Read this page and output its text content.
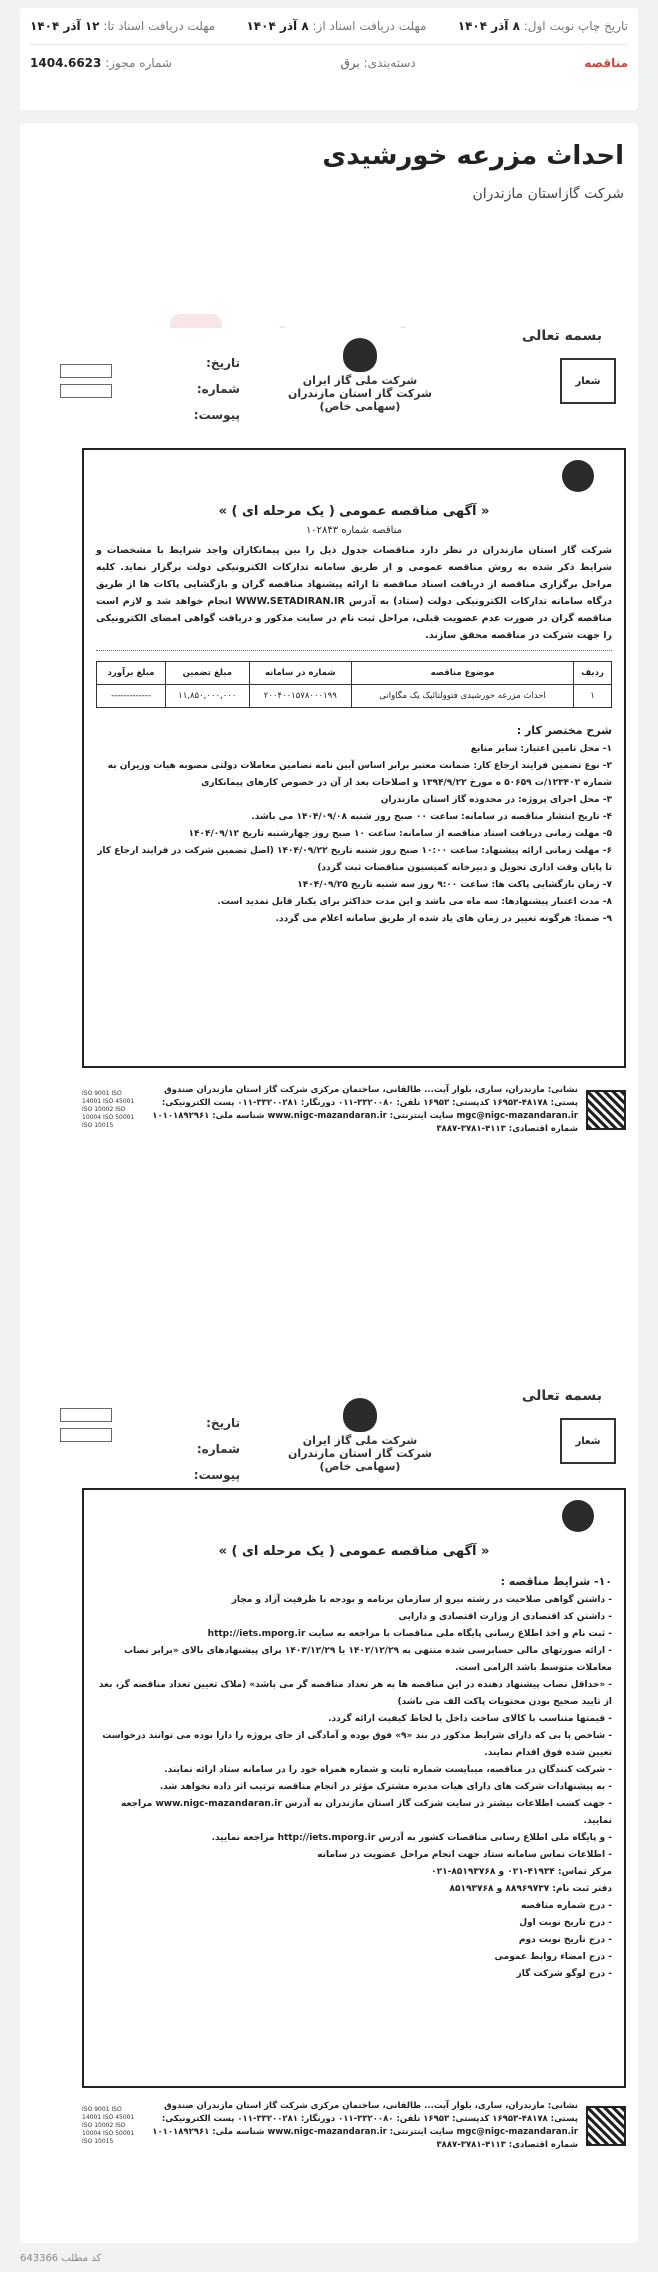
تاریخ چاپ نوبت اول: ۸ آذر ۱۴۰۴
مهلت دریافت اسناد از: ۸ آذر ۱۴۰۴
مهلت دریافت اسناد تا: ۱۲ آذر ۱۴۰۴
مناقصه
دسته‌بندی: برق
شماره مجوز: 1404.6623
احداث مزرعه خورشیدی
شرکت گازاستان مازندران
بسمه تعالی
تاریخ:
شماره:
پیوست:
شرکت ملی گاز ایران
شرکت گاز استان مازندران (سهامی خاص)
شعار
« آگهی مناقصه عمومی ( یک مرحله ای ) »
مناقصه شماره ۱۰۲۸۴۳

شرکت گاز استان مازندران در نظر دارد مناقصات جدول ذیل را بین پیمانکاران واجد شرایط با مشخصات و شرایط ذکر شده به روش مناقصه عمومی و از طریق سامانه تدارکات الکترونیکی دولت برگزار نماید. کلیه مراحل برگزاری مناقصه از دریافت اسناد مناقصه تا ارائه پیشنهاد مناقصه گران و بازگشایی پاکات ها از طریق درگاه سامانه تدارکات الکترونیکی دولت (ستاد) به آدرس WWW.SETADIRAN.IR انجام خواهد شد و لازم است مناقصه گران در صورت عدم عضویت قبلی، مراحل ثبت نام در سایت مذکور و دریافت گواهی امضای الکترونیکی را جهت شرکت در مناقصه محقق سازند.

ردیف	موضوع مناقصه	شماره در سامانه	مبلغ تضمین	مبلغ برآورد
۱	احداث مزرعه خورشیدی فتوولتائیک یک مگاواتی	۲۰۰۴۰۰۱۵۷۸۰۰۰۱۹۹	۱۱,۸۵۰,۰۰۰,۰۰۰	-------------
شرح مختصر کار :
۱- محل تامین اعتبار: سایر منابع
۲- نوع تضمین فرایند ارجاع کار: ضمانت معتبر برابر اساس آیین نامه تضامین معاملات دولتی مصوبه هیات وزیران به شماره ۱۲۳۴۰۲/ت ۵۰۶۵۹ ه مورخ ۱۳۹۴/۹/۲۲ و اصلاحات بعد از آن در خصوص کارهای پیمانکاری
۳- محل اجرای پروژه: در محدوده گاز استان مازندران
۴- تاریخ انتشار مناقصه در سامانه: ساعت ۰۰ صبح روز شنبه ۱۴۰۴/۰۹/۰۸ می باشد.
۵- مهلت زمانی دریافت اسناد مناقصه از سامانه: ساعت ۱۰ صبح روز چهارشنبه تاریخ ۱۴۰۴/۰۹/۱۲
۶- مهلت زمانی ارائه پیشنهاد: ساعت ۱۰:۰۰ صبح روز شنبه تاریخ ۱۴۰۴/۰۹/۲۲ (اصل تضمین شرکت در فرایند ارجاع کار تا پایان وقت اداری تحویل و دبیرخانه کمیسیون مناقصات ثبت گردد)
۷- زمان بازگشایی پاکت ها: ساعت ۹:۰۰ روز سه شنبه تاریخ ۱۴۰۴/۰۹/۲۵
۸- مدت اعتبار پیشنهادها: سه ماه می باشد و این مدت حداکثر برای یکبار قابل تمدید است.
۹- ضمنا: هرگونه تغییر در زمان های یاد شده از طریق سامانه اعلام می گردد.
نشانی: مازندران، ساری، بلوار آیت... طالقانی، ساختمان مرکزی شرکت گاز استان مازندران صندوق پستی: ۴۸۱۷۸-۱۶۹۵۳ کدپستی: ۱۶۹۵۳ تلفن: ۳۳۲۰۰۸۰-۰۱۱ دورنگار: ۳۳۲۰۰۲۸۱-۰۱۱ پست الکترونیکی: mgc@nigc-mazandaran.ir سایت اینترنتی: www.nigc-mazandaran.ir شناسه ملی: ۱۰۱۰۱۸۹۲۹۶۱ شماره اقتصادی: ۴۱۱۳-۳۷۸۱-۳۸۸۷
ISO 9001 ISO 14001 ISO 45001 ISO 10002 ISO 10004 ISO 50001 ISO 10015
بسمه تعالی
تاریخ:
شماره:
پیوست:
شرکت ملی گاز ایران
شرکت گاز استان مازندران (سهامی خاص)
شعار
« آگهی مناقصه عمومی ( یک مرحله ای ) »
۱۰- شرایط مناقصه :
- داشتن گواهی صلاحیت در رشته نیرو از سازمان برنامه و بودجه با ظرفیت آزاد و مجاز
- داشتن کد اقتصادی از وزارت اقتصادی و دارایی
- ثبت نام و اخذ اطلاع رسانی پایگاه ملی مناقصات با مراجعه به سایت http://iets.mporg.ir
- ارائه صورتهای مالی حسابرسی شده منتهی به ۱۴۰۲/۱۲/۲۹ یا ۱۴۰۳/۱۲/۲۹ برای پیشنهادهای بالای «برابر نصاب معاملات متوسط باشد الزامی است.
- «حداقل نصاب پیشنهاد دهنده در این مناقصه ها به هر تعداد مناقصه گر می باشد» (ملاک تعیین تعداد مناقصه گر، بعد از تایید صحیح بودن محتویات پاکت الف می باشد)
- قیمتها متناسب با کالای ساخت داخل یا لحاظ کیفیت ارائه گردد.
- شاخص با بی که دارای شرایط مذکور در بند «۹» فوق بوده و آمادگی از جای پروژه را دارا بوده می توانند درخواست تعیین شده فوق اقدام نمایند.
- شرکت کنندگان در مناقصه، میبایست شماره ثابت و شماره همراه خود را در سامانه ستاد ارائه نمایند.
- به پیشنهادات شرکت های دارای هیات مدیره مشترک مؤثر در انجام مناقصه ترتیب اثر داده نخواهد شد.
- جهت کسب اطلاعات بیشتر در سایت شرکت گاز استان مازندران به آدرس www.nigc-mazandaran.ir مراجعه نمایید.
- و پایگاه ملی اطلاع رسانی مناقصات کشور به آدرس http://iets.mporg.ir مراجعه نمایید.
- اطلاعات تماس سامانه ستاد جهت انجام مراحل عضویت در سامانه
مرکز تماس: ۴۱۹۳۴-۰۲۱ و ۸۵۱۹۳۷۶۸-۰۲۱
دفتر ثبت نام: ۸۸۹۶۹۷۳۷ و ۸۵۱۹۳۷۶۸
- درج شماره مناقصه
- درج تاریخ نوبت اول
- درج تاریخ نوبت دوم
- درج امضاء روابط عمومی
- درج لوگو شرکت گاز
نشانی: مازندران، ساری، بلوار آیت... طالقانی، ساختمان مرکزی شرکت گاز استان مازندران صندوق پستی: ۴۸۱۷۸-۱۶۹۵۳ کدپستی: ۱۶۹۵۳ تلفن: ۳۳۲۰۰۸۰-۰۱۱ دورنگار: ۳۳۲۰۰۲۸۱-۰۱۱ پست الکترونیکی: mgc@nigc-mazandaran.ir سایت اینترنتی: www.nigc-mazandaran.ir شناسه ملی: ۱۰۱۰۱۸۹۲۹۶۱ شماره اقتصادی: ۴۱۱۳-۳۷۸۱-۳۸۸۷
ISO 9001 ISO 14001 ISO 45001 ISO 10002 ISO 10004 ISO 50001 ISO 10015
کد مطلب 643366
